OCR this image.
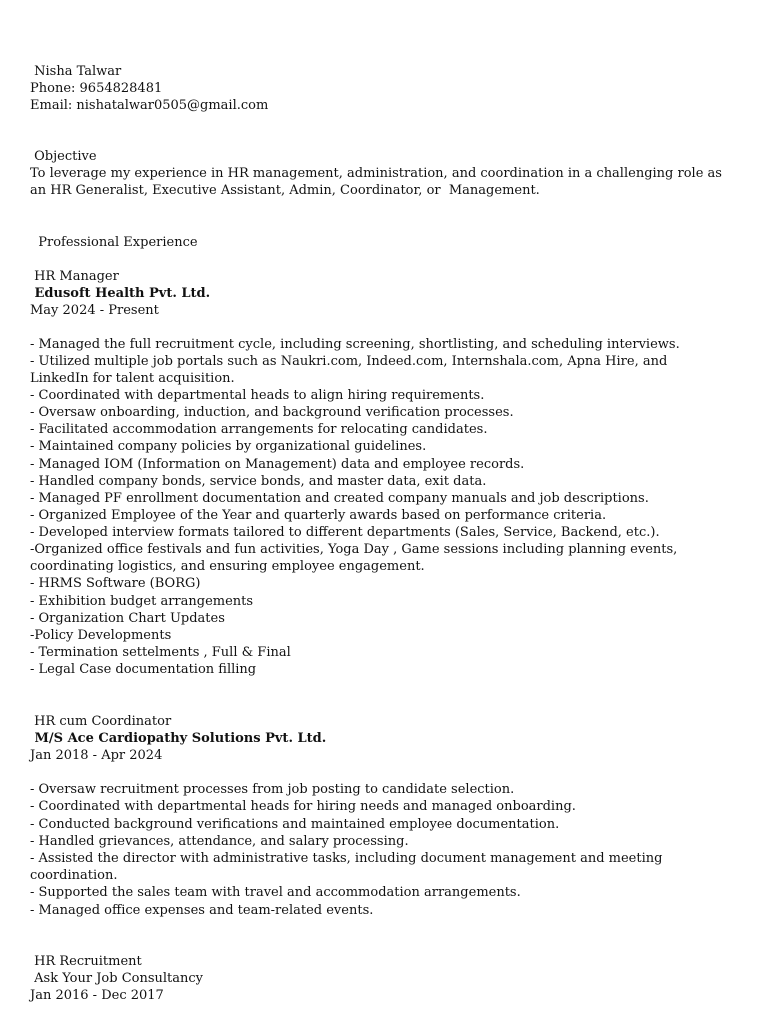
Nisha Talwar
Phone: 9654828481
Email: nishatalwar0505@gmail.com
Objective
To leverage my experience in HR management, administration, and coordination in a challenging role as
an HR Generalist, Executive Assistant, Admin, Coordinator, or  Management.
Professional Experience
HR Manager
Edusoft Health Pvt. Ltd.
May 2024 - Present
- Managed the full recruitment cycle, including screening, shortlisting, and scheduling interviews.
- Utilized multiple job portals such as Naukri.com, Indeed.com, Internshala.com, Apna Hire, and
LinkedIn for talent acquisition.
- Coordinated with departmental heads to align hiring requirements.
- Oversaw onboarding, induction, and background verification processes.
- Facilitated accommodation arrangements for relocating candidates.
- Maintained company policies by organizational guidelines.
- Managed IOM (Information on Management) data and employee records.
- Handled company bonds, service bonds, and master data, exit data.
- Managed PF enrollment documentation and created company manuals and job descriptions.
- Organized Employee of the Year and quarterly awards based on performance criteria.
- Developed interview formats tailored to different departments (Sales, Service, Backend, etc.).
-Organized office festivals and fun activities, Yoga Day , Game sessions including planning events,
coordinating logistics, and ensuring employee engagement.
- HRMS Software (BORG)
- Exhibition budget arrangements
- Organization Chart Updates
-Policy Developments
- Termination settelments , Full & Final
- Legal Case documentation filling
HR cum Coordinator
M/S Ace Cardiopathy Solutions Pvt. Ltd.
Jan 2018 - Apr 2024
- Oversaw recruitment processes from job posting to candidate selection.
- Coordinated with departmental heads for hiring needs and managed onboarding.
- Conducted background verifications and maintained employee documentation.
- Handled grievances, attendance, and salary processing.
- Assisted the director with administrative tasks, including document management and meeting
coordination.
- Supported the sales team with travel and accommodation arrangements.
- Managed office expenses and team-related events.
HR Recruitment
Ask Your Job Consultancy
Jan 2016 - Dec 2017
